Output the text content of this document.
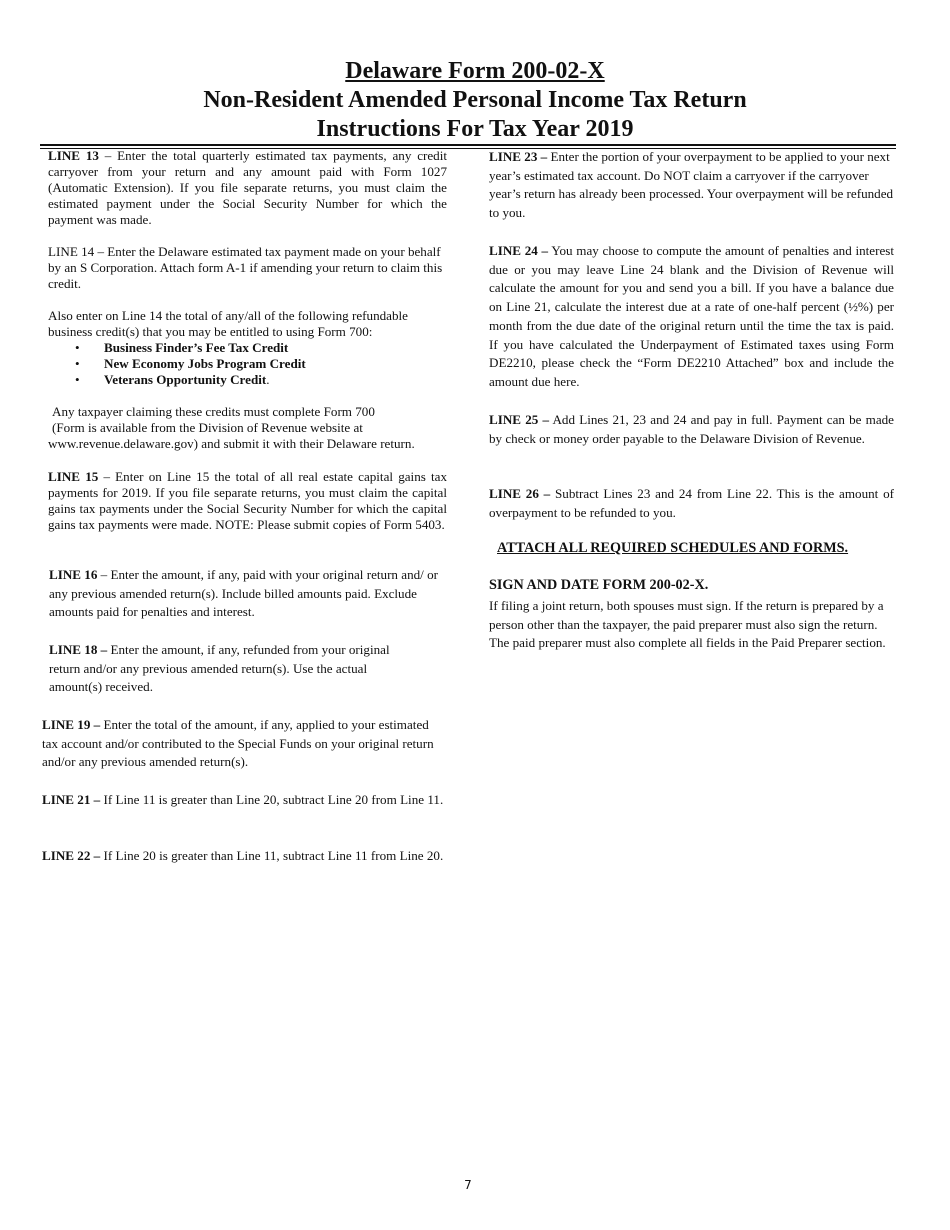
Delaware Form 200-02-X
Non-Resident Amended Personal Income Tax Return
Instructions For Tax Year 2019

LINE 13 – Enter the total quarterly estimated tax payments, any credit carryover from your return and any amount paid with Form 1027 (Automatic Extension). If you file separate returns, you must claim the estimated payment under the Social Security Number for which the payment was made.

LINE 14 – Enter the Delaware estimated tax payment made on your behalf by an S Corporation. Attach form A-1 if amending your return to claim this credit.

Also enter on Line 14 the total of any/all of the following refundable business credit(s) that you may be entitled to using Form 700:

• Business Finder’s Fee Tax Credit
• New Economy Jobs Program Credit
• Veterans Opportunity Credit.
Any taxpayer claiming these credits must complete Form 700
(Form is available from the Division of Revenue website at
www.revenue.delaware.gov) and submit it with their Delaware return.

LINE 15 – Enter on Line 15 the total of all real estate capital gains tax payments for 2019. If you file separate returns, you must claim the capital gains tax payments under the Social Security Number for which the capital gains tax payments were made. NOTE: Please submit copies of Form 5403.

LINE 16 – Enter the amount, if any, paid with your original return and/ or any previous amended return(s). Include billed amounts paid. Exclude amounts paid for penalties and interest.

LINE 18 – Enter the amount, if any, refunded from your original return and/or any previous amended return(s). Use the actual amount(s) received.

LINE 19 – Enter the total of the amount, if any, applied to your estimated tax account and/or contributed to the Special Funds on your original return and/or any previous amended return(s).

LINE 21 – If Line 11 is greater than Line 20, subtract Line 20 from Line 11.

LINE 22 – If Line 20 is greater than Line 11, subtract Line 11 from Line 20.

LINE 23 – Enter the portion of your overpayment to be applied to your next year’s estimated tax account. Do NOT claim a carryover if the carryover year’s return has already been processed. Your overpayment will be refunded to you.

LINE 24 – You may choose to compute the amount of penalties and interest due or you may leave Line 24 blank and the Division of Revenue will calculate the amount for you and send you a bill. If you have a balance due on Line 21, calculate the interest due at a rate of one-half percent (½%) per month from the due date of the original return until the time the tax is paid. If you have calculated the Underpayment of Estimated taxes using Form DE2210, please check the “Form DE2210 Attached” box and include the amount due here.

LINE 25 – Add Lines 21, 23 and 24 and pay in full. Payment can be made by check or money order payable to the Delaware Division of Revenue.

LINE 26 – Subtract Lines 23 and 24 from Line 22. This is the amount of overpayment to be refunded to you.

ATTACH ALL REQUIRED SCHEDULES AND FORMS.
SIGN AND DATE FORM 200-02-X.

If filing a joint return, both spouses must sign. If the return is prepared by a person other than the taxpayer, the paid preparer must also sign the return. The paid preparer must also complete all fields in the Paid Preparer section.

7
